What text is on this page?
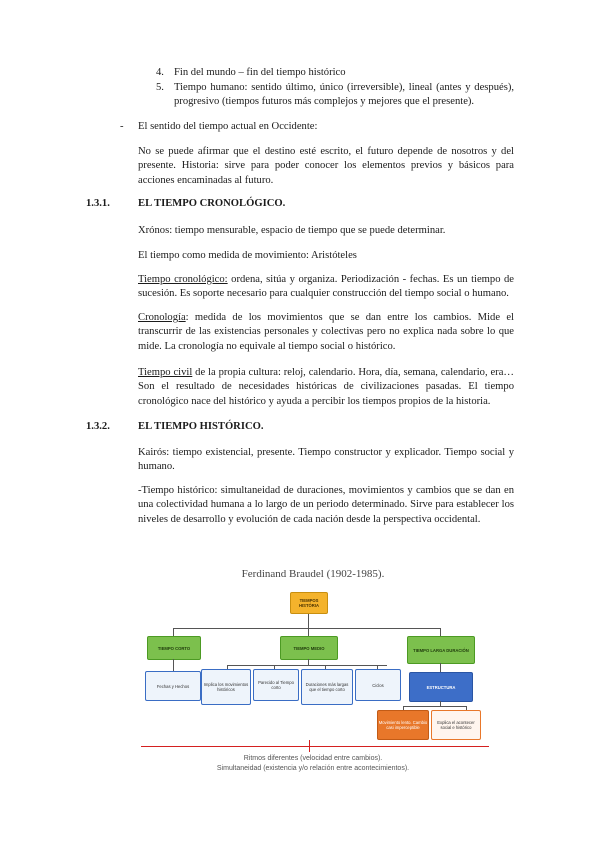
4. Fin del mundo – fin del tiempo histórico
5. Tiempo humano: sentido último, único (irreversible), lineal (antes y después), progresivo (tiempos futuros más complejos y mejores que el presente).
- El sentido del tiempo actual en Occidente:
No se puede afirmar que el destino esté escrito, el futuro depende de nosotros y del presente. Historia: sirve para poder conocer los elementos previos y básicos para acciones encaminadas al futuro.
1.3.1.	EL TIEMPO CRONOLÓGICO.
Xrónos: tiempo mensurable, espacio de tiempo que se puede determinar.
El tiempo como medida de movimiento: Aristóteles
Tiempo cronológico: ordena, sitúa y organiza. Periodización - fechas. Es un tiempo de sucesión. Es soporte necesario para cualquier construcción del tiempo social o humano.
Cronología: medida de los movimientos que se dan entre los cambios. Mide el transcurrir de las existencias personales y colectivas pero no explica nada sobre lo que mide. La cronología no equivale al tiempo social o histórico.
Tiempo civil de la propia cultura: reloj, calendario. Hora, día, semana, calendario, era… Son el resultado de necesidades históricas de civilizaciones pasadas. El tiempo cronológico nace del histórico y ayuda a percibir los tiempos propios de la historia.
1.3.2.	EL TIEMPO HISTÓRICO.
Kairós: tiempo existencial, presente. Tiempo constructor y explicador. Tiempo social y humano.
-Tiempo histórico: simultaneidad de duraciones, movimientos y cambios que se dan en una colectividad humana a lo largo de un periodo determinado. Sirve para establecer los niveles de desarrollo y evolución de cada nación desde la perspectiva occidental.
Ferdinand Braudel (1902-1985).
TIEMPOS HISTÓRIA
TIEMPO CORTO	TIEMPO MEDIO	TIEMPO LARGA DURACIÓN
Fechas y Hechos	Implica los movimientos históricos
Parecido al Tiempo corto
Duraciones más largas que el tiempo corto
Ciclos	ESTRUCTURA
Movimiento lento. Cambio casi imperceptible
Explica el acontecer social e histórico
Ritmos diferentes (velocidad entre cambios).
Simultaneidad (existencia y/o relación entre acontecimientos).
